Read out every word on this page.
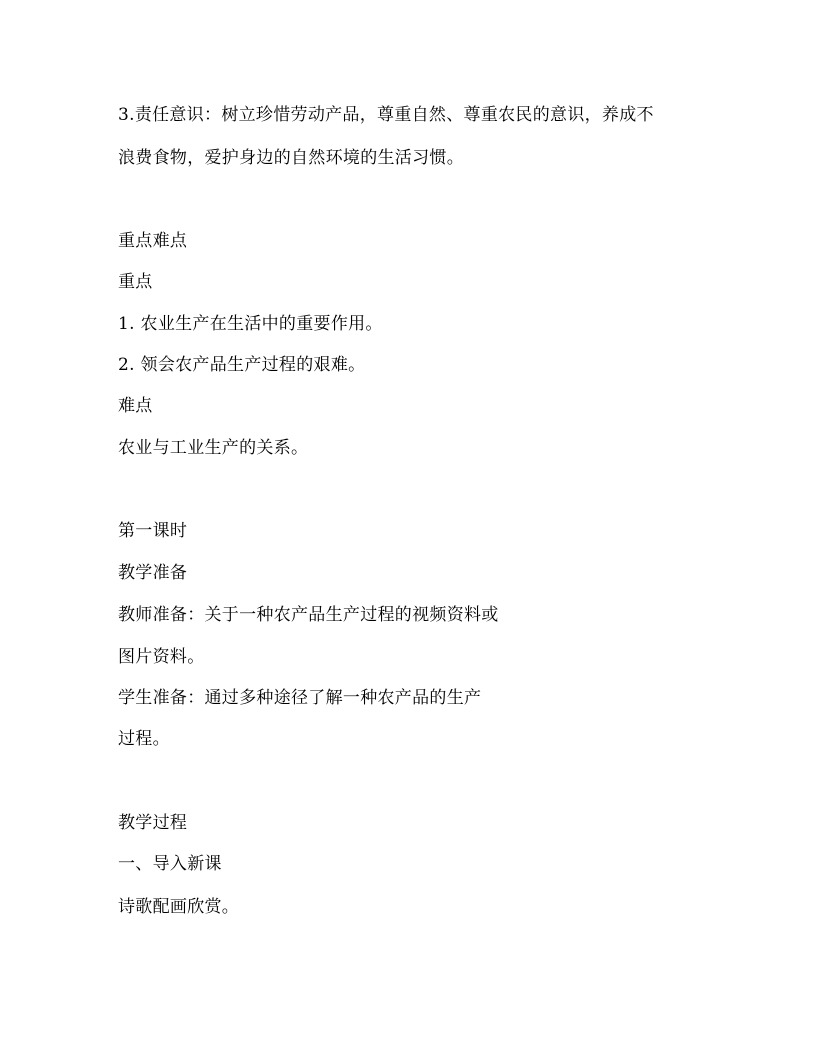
3.责任意识：树立珍惜劳动产品，尊重自然、尊重农民的意识，养成不
浪费食物，爱护身边的自然环境的生活习惯。
重点难点
重点
1. 农业生产在生活中的重要作用。
2. 领会农产品生产过程的艰难。
难点
农业与工业生产的关系。
第一课时
教学准备
教师准备：关于一种农产品生产过程的视频资料或
图片资料。
学生准备：通过多种途径了解一种农产品的生产
过程。
教学过程
一、导入新课
诗歌配画欣赏。
